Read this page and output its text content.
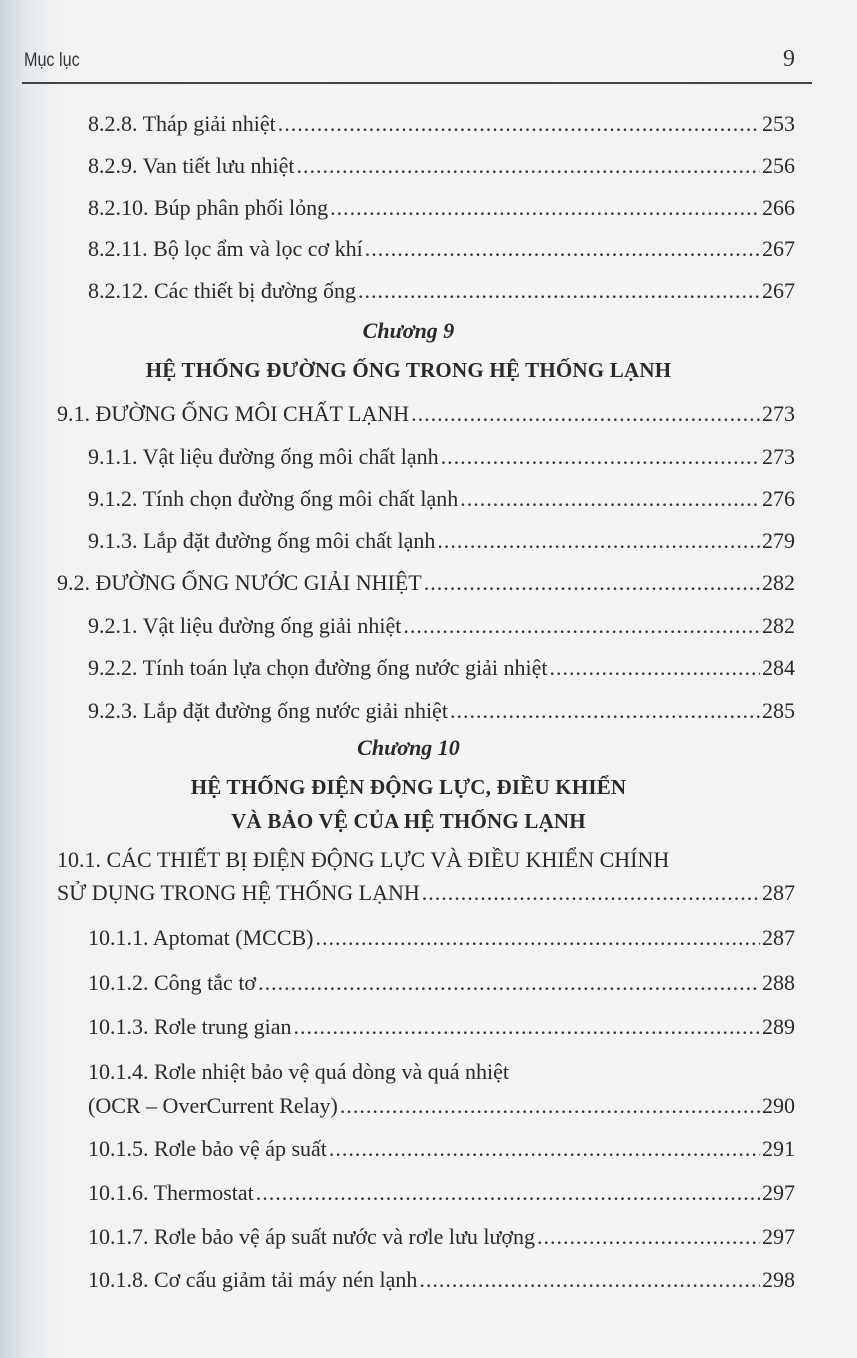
Mục lục	9
8.2.8. Tháp giải nhiệt .....	253
8.2.9. Van tiết lưu nhiệt .....	256
8.2.10. Búp phân phối lỏng .....	266
8.2.11. Bộ lọc ẩm và lọc cơ khí .....	267
8.2.12. Các thiết bị đường ống .....	267
Chương 9
HỆ THỐNG ĐƯỜNG ỐNG TRONG HỆ THỐNG LẠNH
9.1. ĐƯỜNG ỐNG MÔI CHẤT LẠNH .....	273
9.1.1. Vật liệu đường ống môi chất lạnh .....	273
9.1.2. Tính chọn đường ống môi chất lạnh .....	276
9.1.3. Lắp đặt đường ống môi chất lạnh .....	279
9.2. ĐƯỜNG ỐNG NƯỚC GIẢI NHIỆT .....	282
9.2.1. Vật liệu đường ống giải nhiệt .....	282
9.2.2. Tính toán lựa chọn đường ống nước giải nhiệt .....	284
9.2.3. Lắp đặt đường ống nước giải nhiệt .....	285
Chương 10
HỆ THỐNG ĐIỆN ĐỘNG LỰC, ĐIỀU KHIỂN
VÀ BẢO VỆ CỦA HỆ THỐNG LẠNH
10.1. CÁC THIẾT BỊ ĐIỆN ĐỘNG LỰC VÀ ĐIỀU KHIỂN CHÍNH
SỬ DỤNG TRONG HỆ THỐNG LẠNH .....	287
10.1.1. Aptomat (MCCB) .....	287
10.1.2. Công tắc tơ .....	288
10.1.3. Rơle trung gian .....	289
10.1.4. Rơle nhiệt bảo vệ quá dòng và quá nhiệt
(OCR – OverCurrent Relay) .....	290
10.1.5. Rơle bảo vệ áp suất .....	291
10.1.6. Thermostat .....	297
10.1.7. Rơle bảo vệ áp suất nước và rơle lưu lượng .....	297
10.1.8. Cơ cấu giảm tải máy nén lạnh .....	298
